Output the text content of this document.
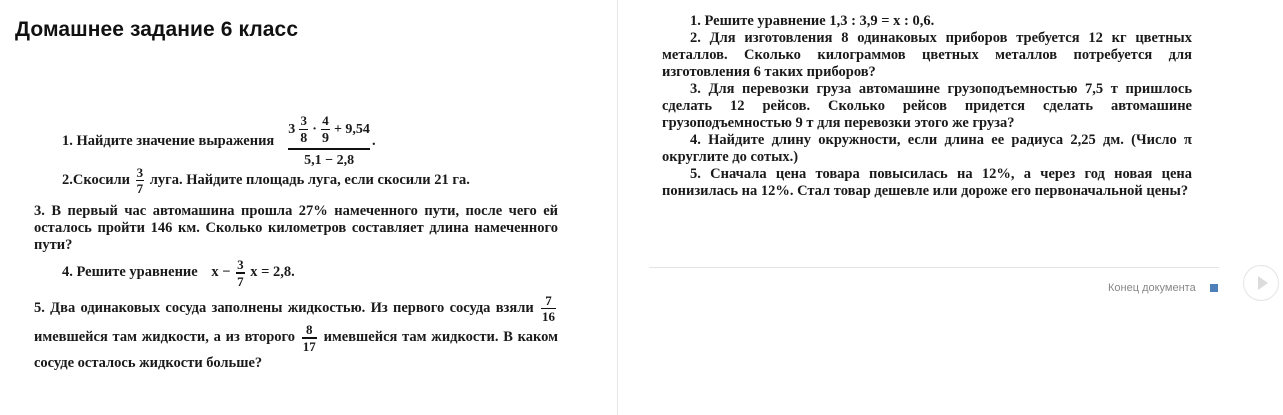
Домашнее задание 6 класс
1. Найдите значение выражения
$3 \frac{3}{8} \cdot \frac{4}{9} + 9,54$
5,1 − 2,8
.
2.Скосили $\frac{3}{7}$ луга. Найдите площадь луга, если скосили 21 га.
3. В первый час автомашина прошла 27% намеченного пути, после чего ей осталось пройти 146 км. Сколько километров составляет длина намеченного пути?
4. Решите уравнение $x - \frac{3}{7}$ x = 2,8.
5. Два одинаковых сосуда заполнены жидкостью. Из первого сосуда взяли $\frac{7}{16}$
имевшейся там жидкости, а из второго $\frac{8}{17}$ имевшейся там жидкости. В каком сосуде осталось жидкости больше?

1. Решите уравнение 1,3 : 3,9 = x : 0,6.

2. Для изготовления 8 одинаковых приборов требуется 12 кг цветных металлов. Сколько килограммов цветных металлов потребуется для изготовления 6 таких приборов?

3. Для перевозки груза автомашине грузоподъемностью 7,5 т пришлось сделать 12 рейсов. Сколько рейсов придется сделать автомашине грузоподъемностью 9 т для перевозки этого же груза?

4. Найдите длину окружности, если длина ее радиуса 2,25 дм. (Число π округлите до сотых.)

5. Сначала цена товара повысилась на 12%, а через год новая цена понизилась на 12%. Стал товар дешевле или дороже его первоначальной цены?

Конец документа
